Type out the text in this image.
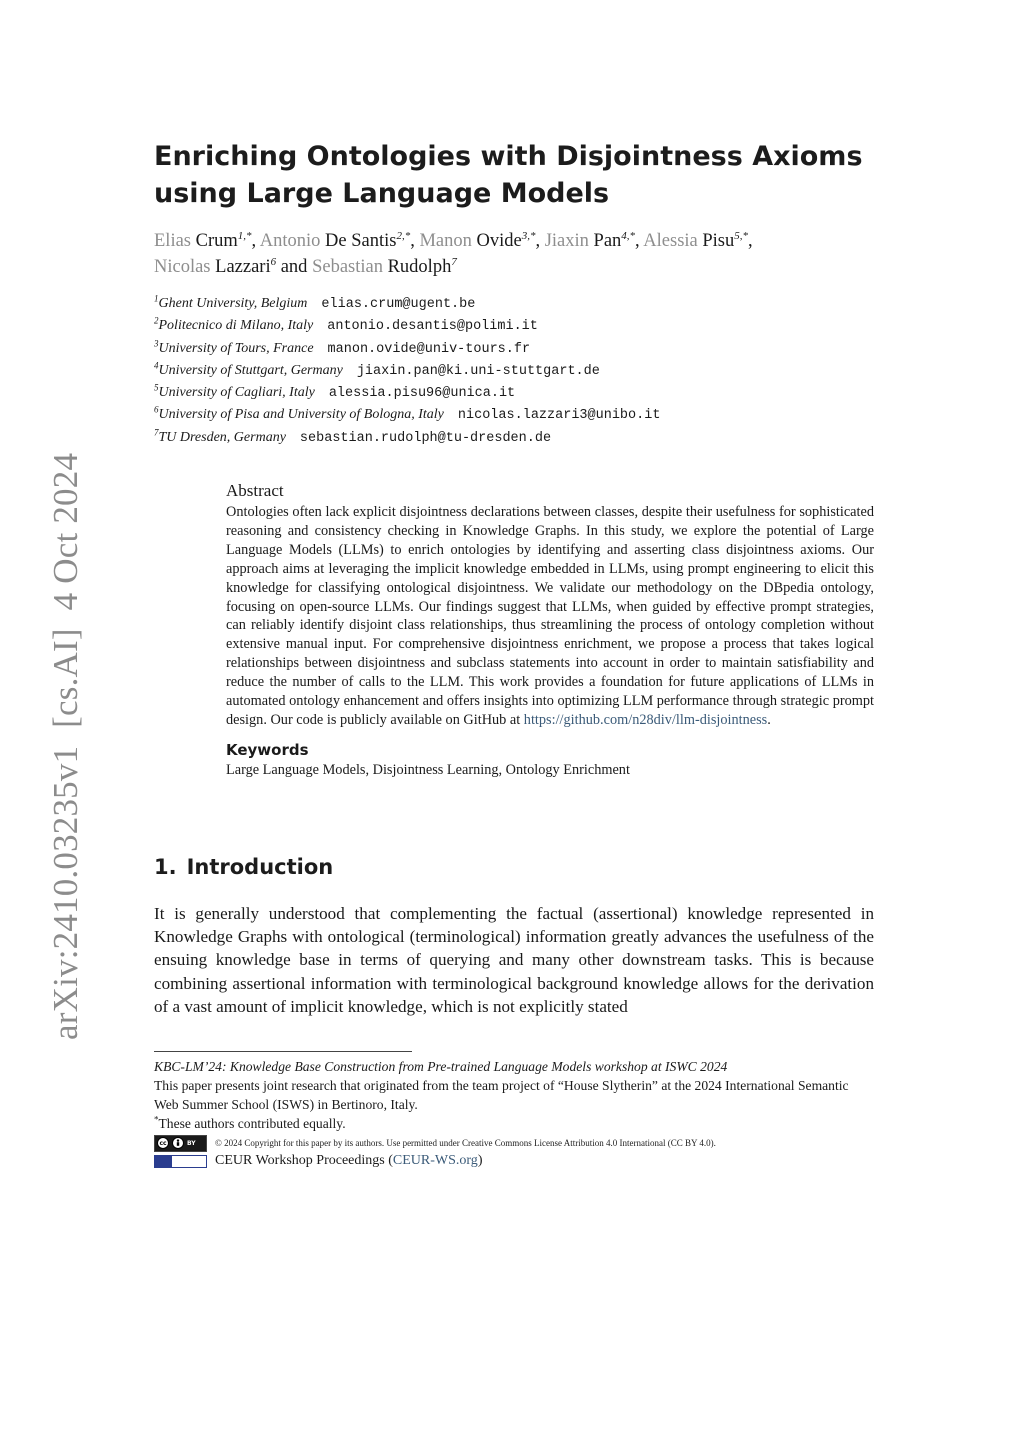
arXiv:2410.03235v1  [cs.AI]  4 Oct 2024
Enriching Ontologies with Disjointness Axioms using Large Language Models
Elias Crum$^{1,*}$, Antonio De Santis$^{2,*}$, Manon Ovide$^{3,*}$, Jiaxin Pan$^{4,*}$, Alessia Pisu$^{5,*}$,
Nicolas Lazzari$^6$ and Sebastian Rudolph$^7$
$^1$Ghent University, Belgium elias.crum@ugent.be
$^2$Politecnico di Milano, Italy antonio.desantis@polimi.it
$^3$University of Tours, France manon.ovide@univ-tours.fr
$^4$University of Stuttgart, Germany jiaxin.pan@ki.uni-stuttgart.de
$^5$University of Cagliari, Italy alessia.pisu96@unica.it
$^6$University of Pisa and University of Bologna, Italy nicolas.lazzari3@unibo.it
$^7$TU Dresden, Germany sebastian.rudolph@tu-dresden.de
Abstract

Ontologies often lack explicit disjointness declarations between classes, despite their usefulness for sophisticated reasoning and consistency checking in Knowledge Graphs. In this study, we explore the potential of Large Language Models (LLMs) to enrich ontologies by identifying and asserting class disjointness axioms. Our approach aims at leveraging the implicit knowledge embedded in LLMs, using prompt engineering to elicit this knowledge for classifying ontological disjointness. We validate our methodology on the DBpedia ontology, focusing on open-source LLMs. Our findings suggest that LLMs, when guided by effective prompt strategies, can reliably identify disjoint class relationships, thus streamlining the process of ontology completion without extensive manual input. For comprehensive disjointness enrichment, we propose a process that takes logical relationships between disjointness and subclass statements into account in order to maintain satisfiability and reduce the number of calls to the LLM. This work provides a foundation for future applications of LLMs in automated ontology enhancement and offers insights into optimizing LLM performance through strategic prompt design. Our code is publicly available on GitHub at https://github.com/n28div/llm-disjointness.

Keywords

Large Language Models, Disjointness Learning, Ontology Enrichment

1. Introduction

It is generally understood that complementing the factual (assertional) knowledge represented in Knowledge Graphs with ontological (terminological) information greatly advances the usefulness of the ensuing knowledge base in terms of querying and many other downstream tasks. This is because combining assertional information with terminological background knowledge allows for the derivation of a vast amount of implicit knowledge, which is not explicitly stated

KBC-LM’24: Knowledge Base Construction from Pre-trained Language Models workshop at ISWC 2024

This paper presents joint research that originated from the team project of “House Slytherin” at the 2024 International Semantic Web Summer School (ISWS) in Bertinoro, Italy.

*These authors contributed equally.

cc	BY © 2024 Copyright for this paper by its authors. Use permitted under Creative Commons License Attribution 4.0 International (CC BY 4.0).
CEUR Workshop Proceedings (CEUR-WS.org)
